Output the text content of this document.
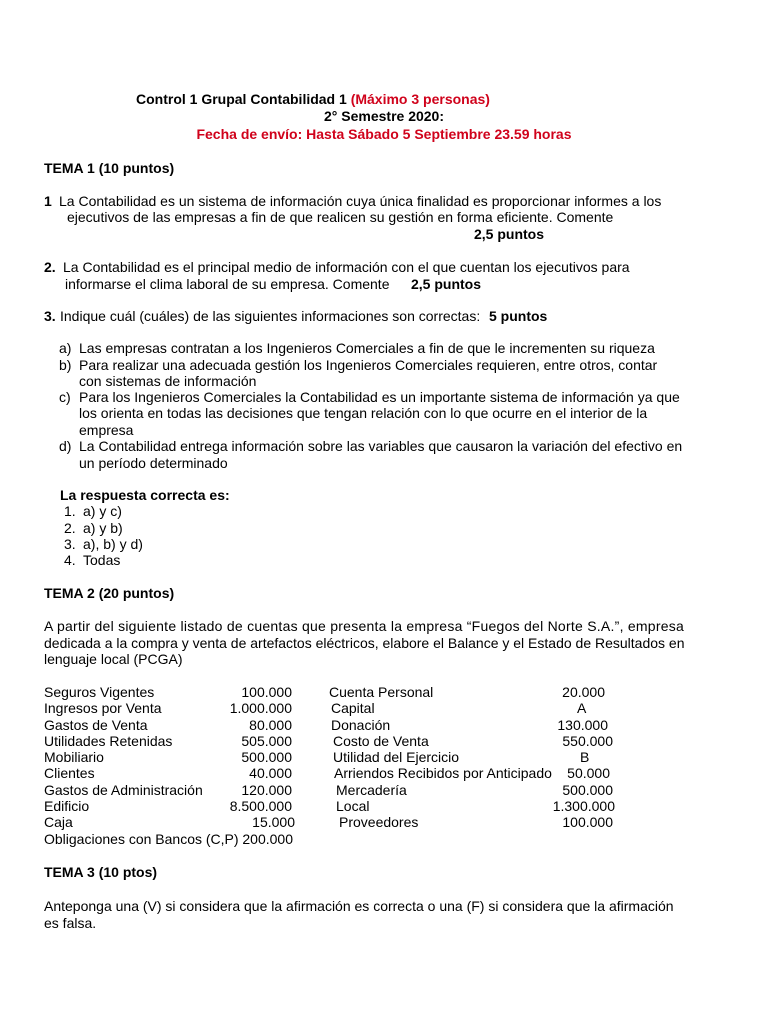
Control 1 Grupal Contabilidad 1 (Máximo 3 personas)
2° Semestre 2020:
Fecha de envío: Hasta Sábado 5 Septiembre 23.59 horas
TEMA 1 (10 puntos)
1 La Contabilidad es un sistema de información cuya única finalidad es proporcionar informes a los
ejecutivos de las empresas a fin de que realicen su gestión en forma eficiente. Comente
2,5 puntos
2. La Contabilidad es el principal medio de información con el que cuentan los ejecutivos para
informarse el clima laboral de su empresa. Comente 2,5 puntos
3. Indique cuál (cuáles) de las siguientes informaciones son correctas: 5 puntos
a) Las empresas contratan a los Ingenieros Comerciales a fin de que le incrementen su riqueza
b) Para realizar una adecuada gestión los Ingenieros Comerciales requieren, entre otros, contar
con sistemas de información
c) Para los Ingenieros Comerciales la Contabilidad es un importante sistema de información ya que
los orienta en todas las decisiones que tengan relación con lo que ocurre en el interior de la
empresa
d) La Contabilidad entrega información sobre las variables que causaron la variación del efectivo en
un período determinado
La respuesta correcta es:
1. a) y c)
2. a) y b)
3. a), b) y d)
4. Todas
TEMA 2 (20 puntos)
A partir del siguiente listado de cuentas que presenta la empresa “Fuegos del Norte S.A.”, empresa
dedicada a la compra y venta de artefactos eléctricos, elabore el Balance y el Estado de Resultados en
lenguaje local (PCGA)
Seguros Vigentes	100.000
Ingresos por Venta	1.000.000
Gastos de Venta	80.000
Utilidades Retenidas	505.000
Mobiliario	500.000
Clientes	40.000
Gastos de Administración	120.000
Edificio	8.500.000
Caja	15.000
Obligaciones con Bancos (C,P) 200.000
Cuenta Personal	20.000
Capital	A
Donación	130.000
Costo de Venta	550.000
Utilidad del Ejercicio	B
Arriendos Recibidos por Anticipado	50.000
Mercadería	500.000
Local	1.300.000
Proveedores	100.000
TEMA 3 (10 ptos)
Anteponga una (V) si considera que la afirmación es correcta o una (F) si considera que la afirmación
es falsa.
